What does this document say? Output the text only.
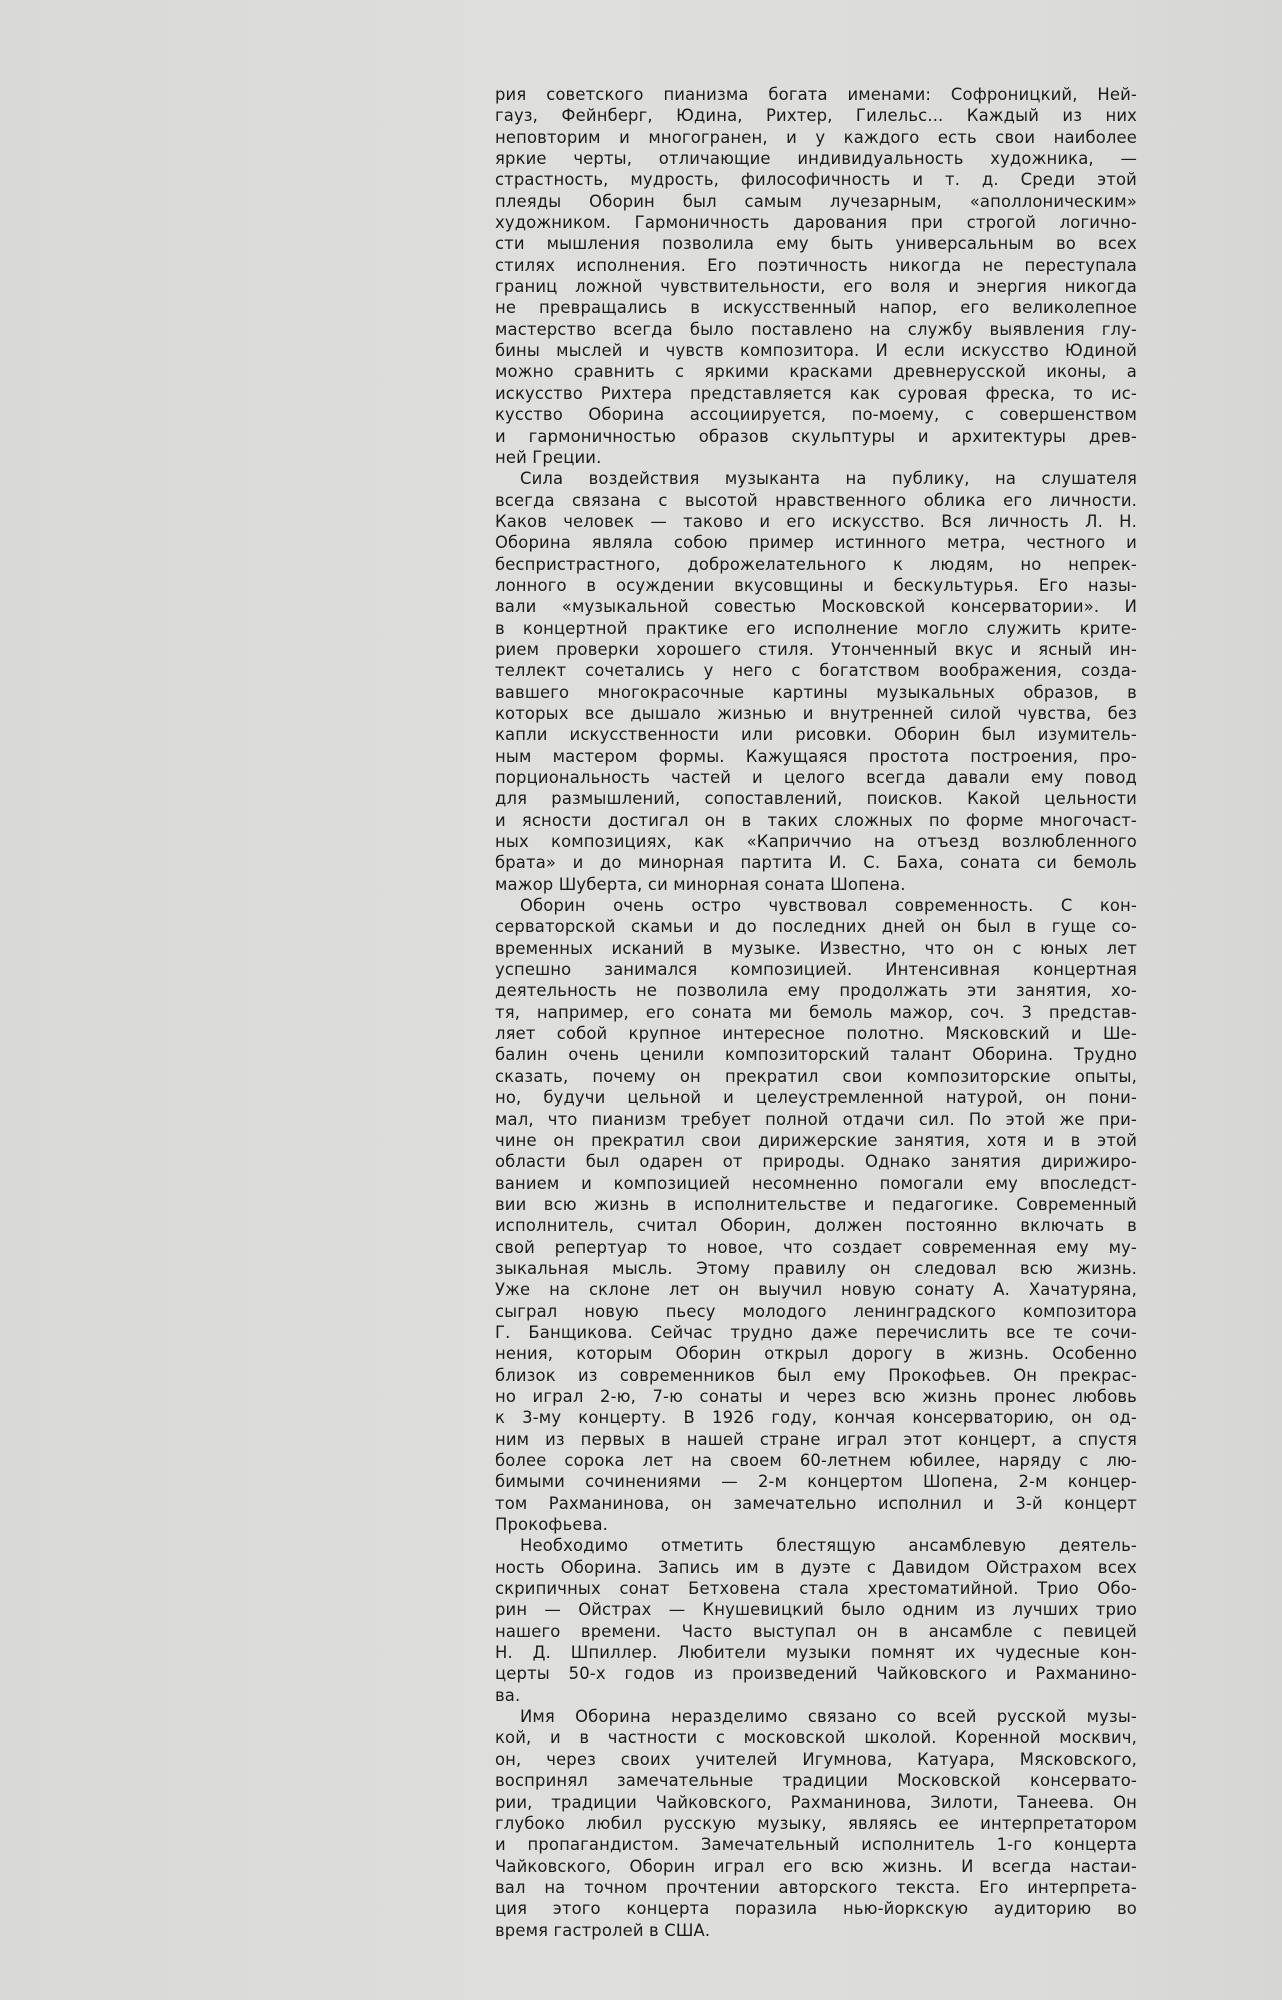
рия советского пианизма богата именами: Софроницкий, Ней-
гауз, Фейнберг, Юдина, Рихтер, Гилельс... Каждый из них
неповторим и многогранен, и у каждого есть свои наиболее
яркие черты, отличающие индивидуальность художника, —
страстность, мудрость, философичность и т. д. Среди этой
плеяды Оборин был самым лучезарным, «аполлоническим»
художником. Гармоничность дарования при строгой логично-
сти мышления позволила ему быть универсальным во всех
стилях исполнения. Его поэтичность никогда не переступала
границ ложной чувствительности, его воля и энергия никогда
не превращались в искусственный напор, его великолепное
мастерство всегда было поставлено на службу выявления глу-
бины мыслей и чувств композитора. И если искусство Юдиной
можно сравнить с яркими красками древнерусской иконы, а
искусство Рихтера представляется как суровая фреска, то ис-
кусство Оборина ассоциируется, по-моему, с совершенством
и гармоничностью образов скульптуры и архитектуры древ-
ней Греции.
Сила воздействия музыканта на публику, на слушателя
всегда связана с высотой нравственного облика его личности.
Каков человек — таково и его искусство. Вся личность Л. Н.
Оборина являла собою пример истинного метра, честного и
беспристрастного, доброжелательного к людям, но непрек-
лонного в осуждении вкусовщины и бескультурья. Его назы-
вали «музыкальной совестью Московской консерватории». И
в концертной практике его исполнение могло служить крите-
рием проверки хорошего стиля. Утонченный вкус и ясный ин-
теллект сочетались у него с богатством воображения, созда-
вавшего многокрасочные картины музыкальных образов, в
которых все дышало жизнью и внутренней силой чувства, без
капли искусственности или рисовки. Оборин был изумитель-
ным мастером формы. Кажущаяся простота построения, про-
порциональность частей и целого всегда давали ему повод
для размышлений, сопоставлений, поисков. Какой цельности
и ясности достигал он в таких сложных по форме многочаст-
ных композициях, как «Каприччио на отъезд возлюбленного
брата» и до минорная партита И. С. Баха, соната си бемоль
мажор Шуберта, си минорная соната Шопена.
Оборин очень остро чувствовал современность. С кон-
серваторской скамьи и до последних дней он был в гуще со-
временных исканий в музыке. Известно, что он с юных лет
успешно занимался композицией. Интенсивная концертная
деятельность не позволила ему продолжать эти занятия, хо-
тя, например, его соната ми бемоль мажор, соч. 3 представ-
ляет собой крупное интересное полотно. Мясковский и Ше-
балин очень ценили композиторский талант Оборина. Трудно
сказать, почему он прекратил свои композиторские опыты,
но, будучи цельной и целеустремленной натурой, он пони-
мал, что пианизм требует полной отдачи сил. По этой же при-
чине он прекратил свои дирижерские занятия, хотя и в этой
области был одарен от природы. Однако занятия дирижиро-
ванием и композицией несомненно помогали ему впоследст-
вии всю жизнь в исполнительстве и педагогике. Современный
исполнитель, считал Оборин, должен постоянно включать в
свой репертуар то новое, что создает современная ему му-
зыкальная мысль. Этому правилу он следовал всю жизнь.
Уже на склоне лет он выучил новую сонату А. Хачатуряна,
сыграл новую пьесу молодого ленинградского композитора
Г. Банщикова. Сейчас трудно даже перечислить все те сочи-
нения, которым Оборин открыл дорогу в жизнь. Особенно
близок из современников был ему Прокофьев. Он прекрас-
но играл 2-ю, 7-ю сонаты и через всю жизнь пронес любовь
к 3-му концерту. В 1926 году, кончая консерваторию, он од-
ним из первых в нашей стране играл этот концерт, а спустя
более сорока лет на своем 60-летнем юбилее, наряду с лю-
бимыми сочинениями — 2-м концертом Шопена, 2-м концер-
том Рахманинова, он замечательно исполнил и 3-й концерт
Прокофьева.
Необходимо отметить блестящую ансамблевую деятель-
ность Оборина. Запись им в дуэте с Давидом Ойстрахом всех
скрипичных сонат Бетховена стала хрестоматийной. Трио Обо-
рин — Ойстрах — Кнушевицкий было одним из лучших трио
нашего времени. Часто выступал он в ансамбле с певицей
Н. Д. Шпиллер. Любители музыки помнят их чудесные кон-
церты 50-х годов из произведений Чайковского и Рахманино-
ва.
Имя Оборина неразделимо связано со всей русской музы-
кой, и в частности с московской школой. Коренной москвич,
он, через своих учителей Игумнова, Катуара, Мясковского,
воспринял замечательные традиции Московской консервато-
рии, традиции Чайковского, Рахманинова, Зилоти, Танеева. Он
глубоко любил русскую музыку, являясь ее интерпретатором
и пропагандистом. Замечательный исполнитель 1-го концерта
Чайковского, Оборин играл его всю жизнь. И всегда настаи-
вал на точном прочтении авторского текста. Его интерпрета-
ция этого концерта поразила нью-йоркскую аудиторию во
время гастролей в США.
